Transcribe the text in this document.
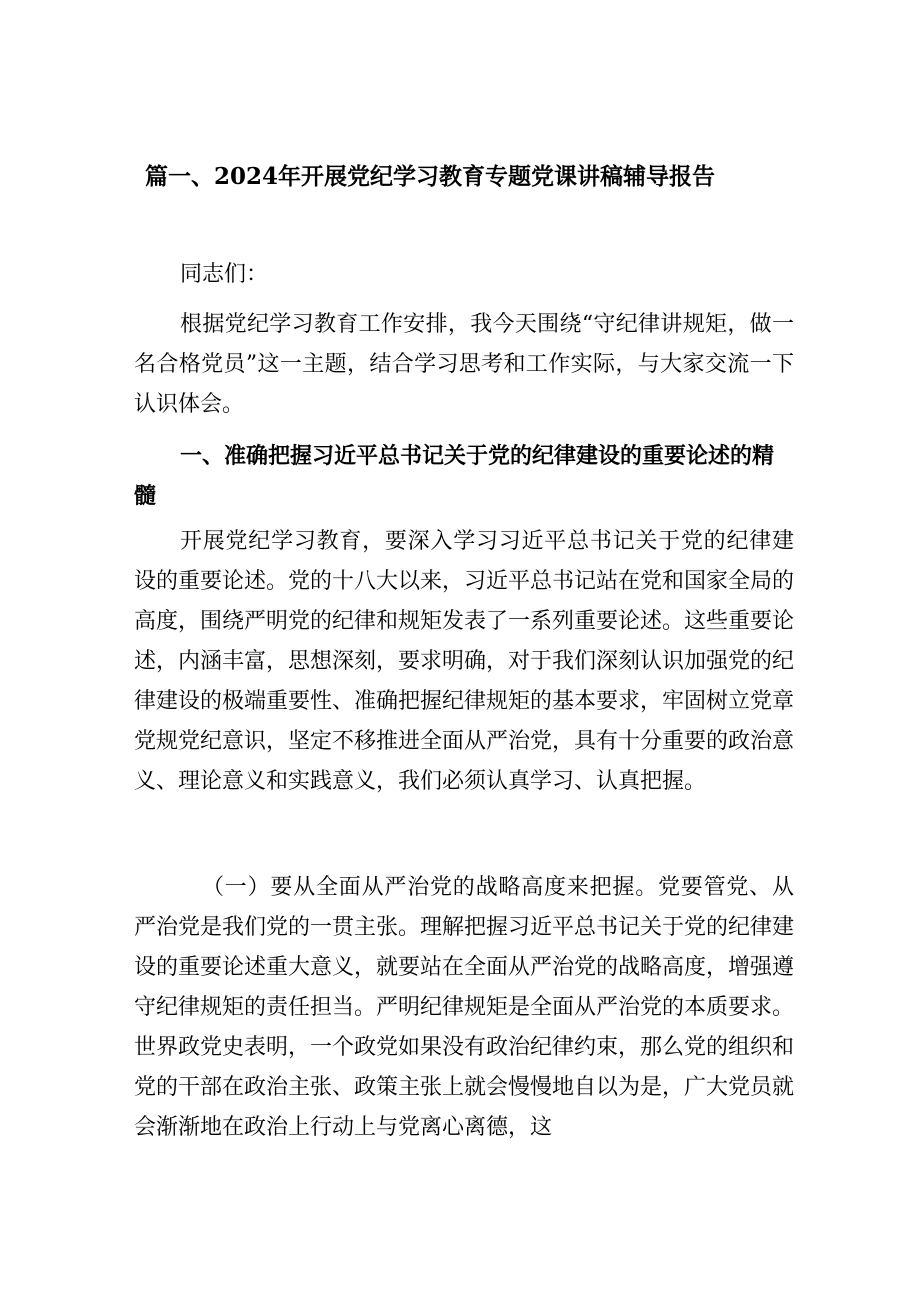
篇一、2024年开展党纪学习教育专题党课讲稿辅导报告
同志们：

根据党纪学习教育工作安排，我今天围绕“守纪律讲规矩，做一名合格党员”这一主题，结合学习思考和工作实际，与大家交流一下认识体会。

一、准确把握习近平总书记关于党的纪律建设的重要论述的精髓

开展党纪学习教育，要深入学习习近平总书记关于党的纪律建设的重要论述。党的十八大以来，习近平总书记站在党和国家全局的高度，围绕严明党的纪律和规矩发表了一系列重要论述。这些重要论述，内涵丰富，思想深刻，要求明确，对于我们深刻认识加强党的纪律建设的极端重要性、准确把握纪律规矩的基本要求，牢固树立党章党规党纪意识，坚定不移推进全面从严治党，具有十分重要的政治意义、理论意义和实践意义，我们必须认真学习、认真把握。

（一）要从全面从严治党的战略高度来把握。党要管党、从严治党是我们党的一贯主张。理解把握习近平总书记关于党的纪律建设的重要论述重大意义，就要站在全面从严治党的战略高度，增强遵守纪律规矩的责任担当。严明纪律规矩是全面从严治党的本质要求。世界政党史表明，一个政党如果没有政治纪律约束，那么党的组织和党的干部在政治主张、政策主张上就会慢慢地自以为是，广大党员就会渐渐地在政治上行动上与党离心离德，这
